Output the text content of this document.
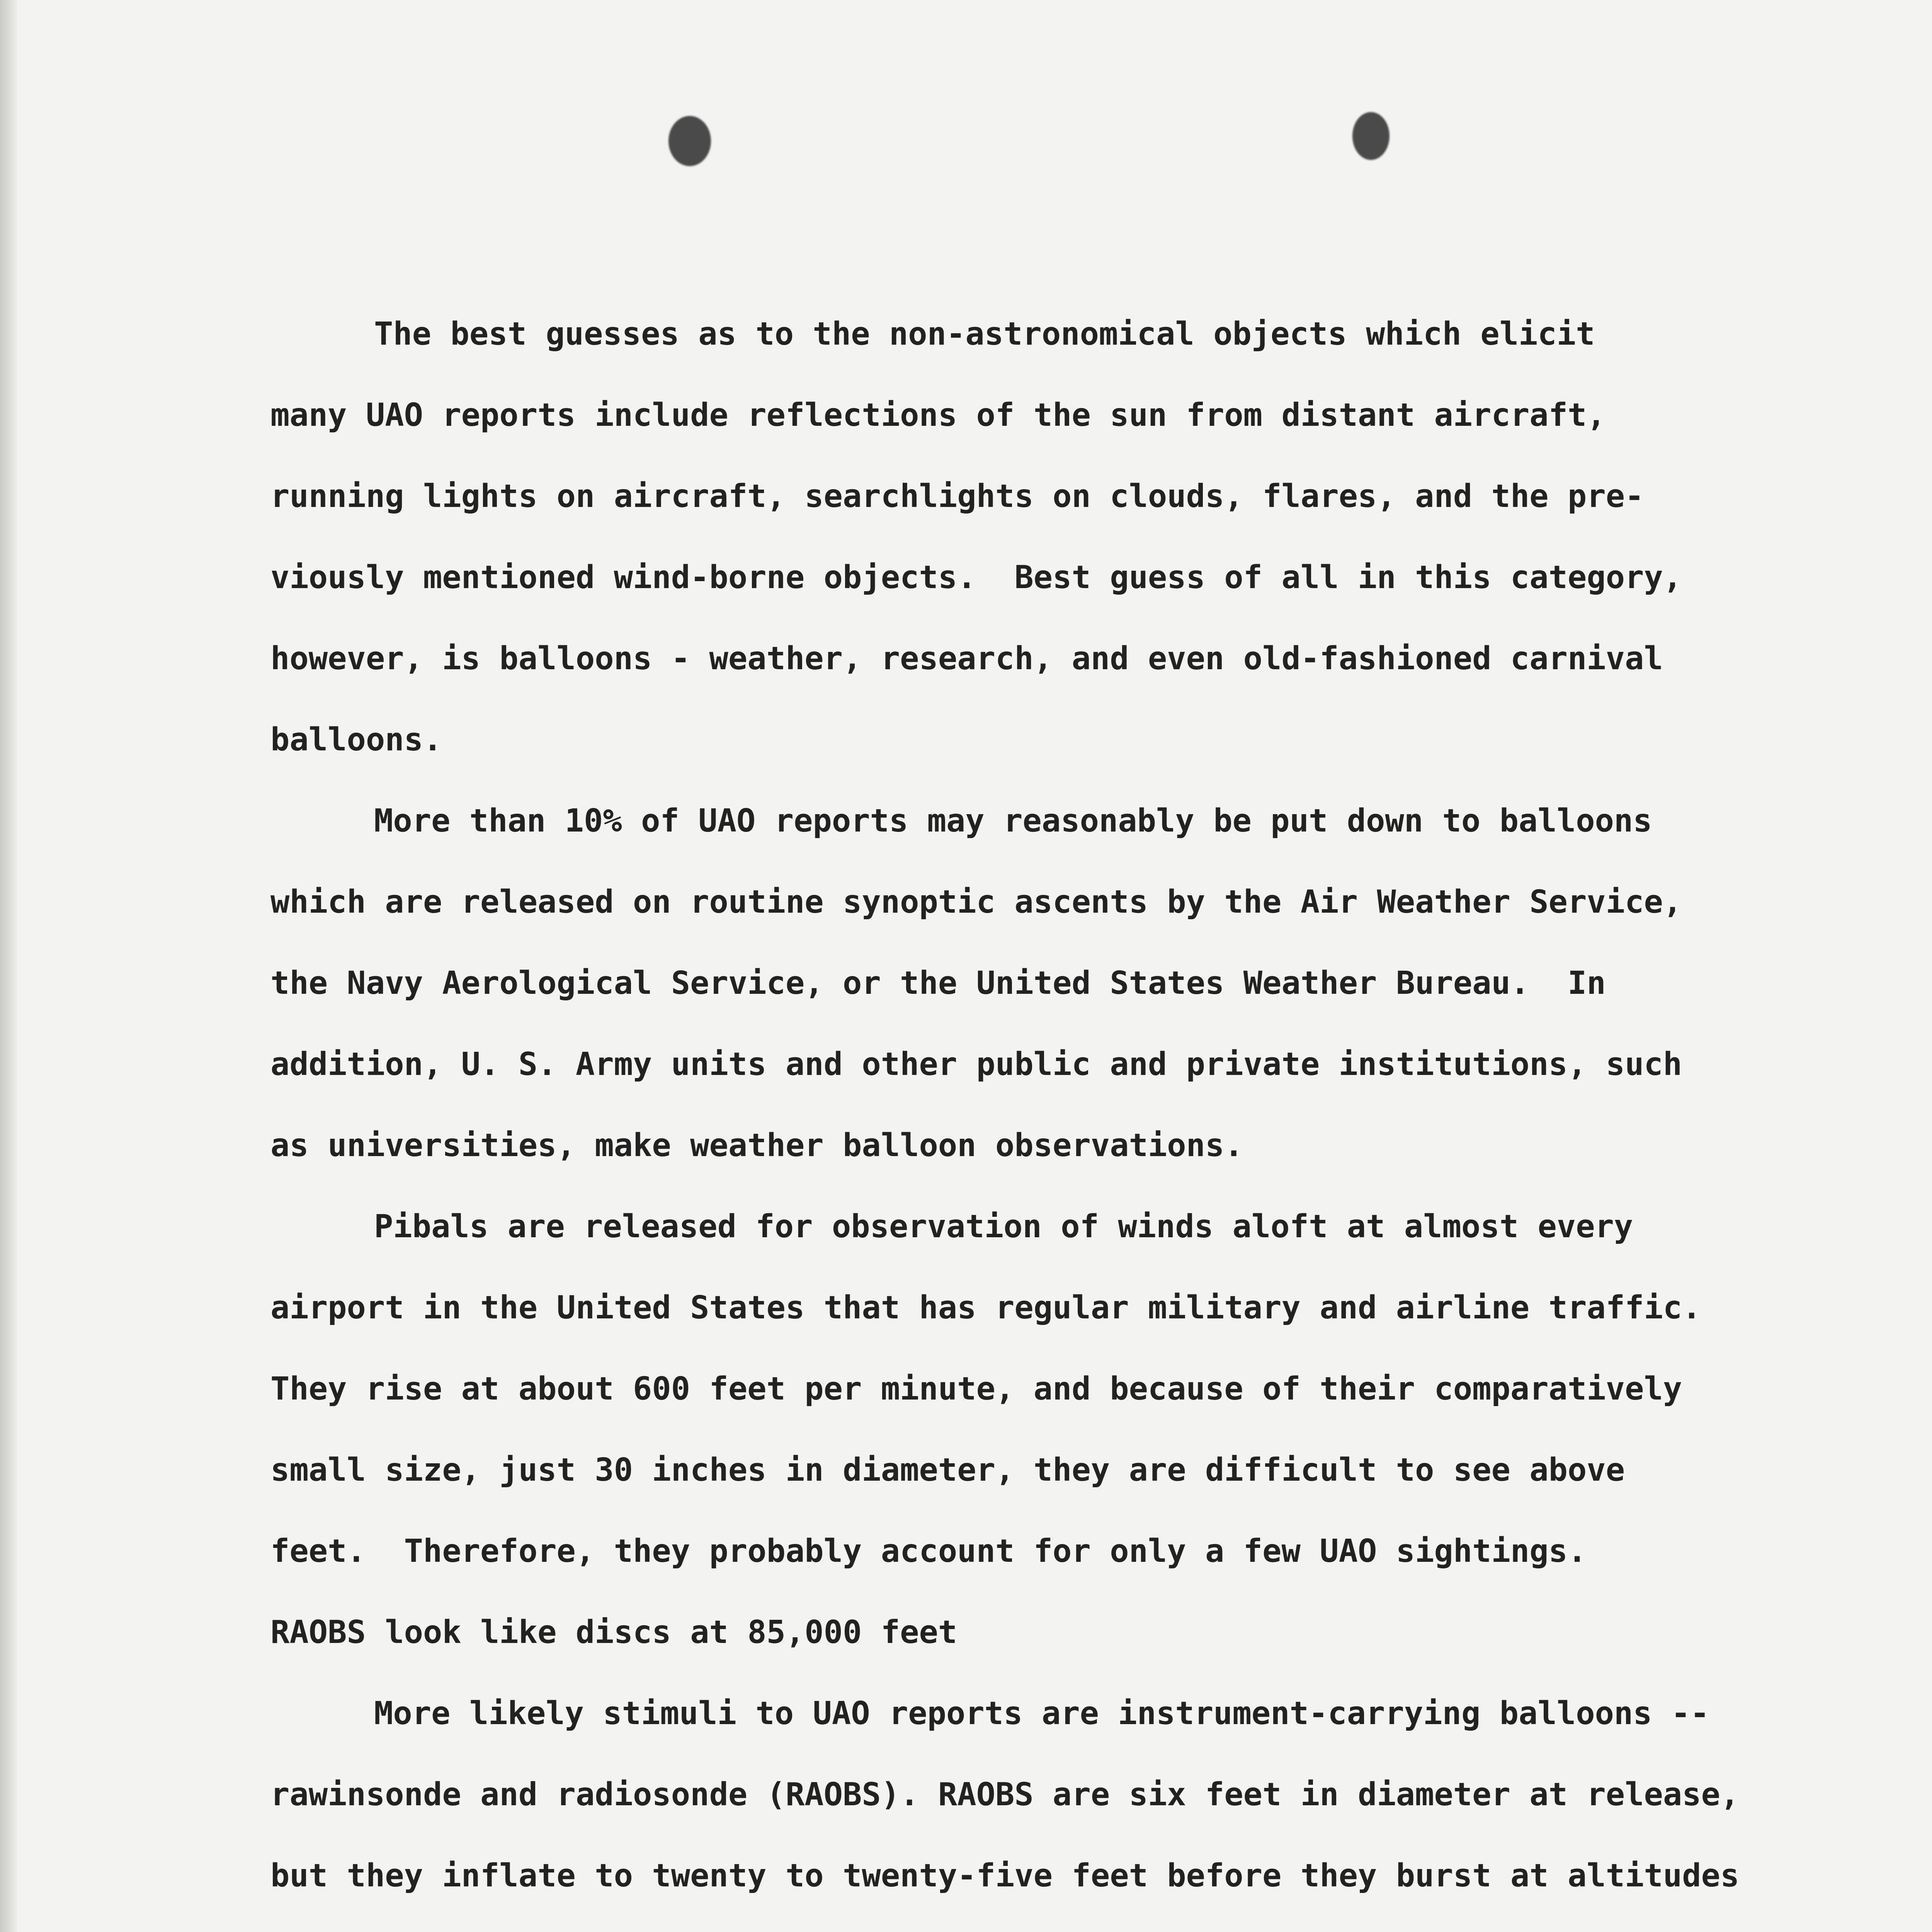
The best guesses as to the non-astronomical objects which elicit
many UAO reports include reflections of the sun from distant aircraft,
running lights on aircraft, searchlights on clouds, flares, and the pre-
viously mentioned wind-borne objects.  Best guess of all in this category,
however, is balloons - weather, research, and even old-fashioned carnival
balloons.
More than 10% of UAO reports may reasonably be put down to balloons
which are released on routine synoptic ascents by the Air Weather Service,
the Navy Aerological Service, or the United States Weather Bureau.  In
addition, U. S. Army units and other public and private institutions, such
as universities, make weather balloon observations.
Pibals are released for observation of winds aloft at almost every
airport in the United States that has regular military and airline traffic.
They rise at about 600 feet per minute, and because of their comparatively
small size, just 30 inches in diameter, they are difficult to see above
feet.  Therefore, they probably account for only a few UAO sightings.
RAOBS look like discs at 85,000 feet
More likely stimuli to UAO reports are instrument-carrying balloons --
rawinsonde and radiosonde (RAOBS). RAOBS are six feet in diameter at release,
but they inflate to twenty to twenty-five feet before they burst at altitudes
